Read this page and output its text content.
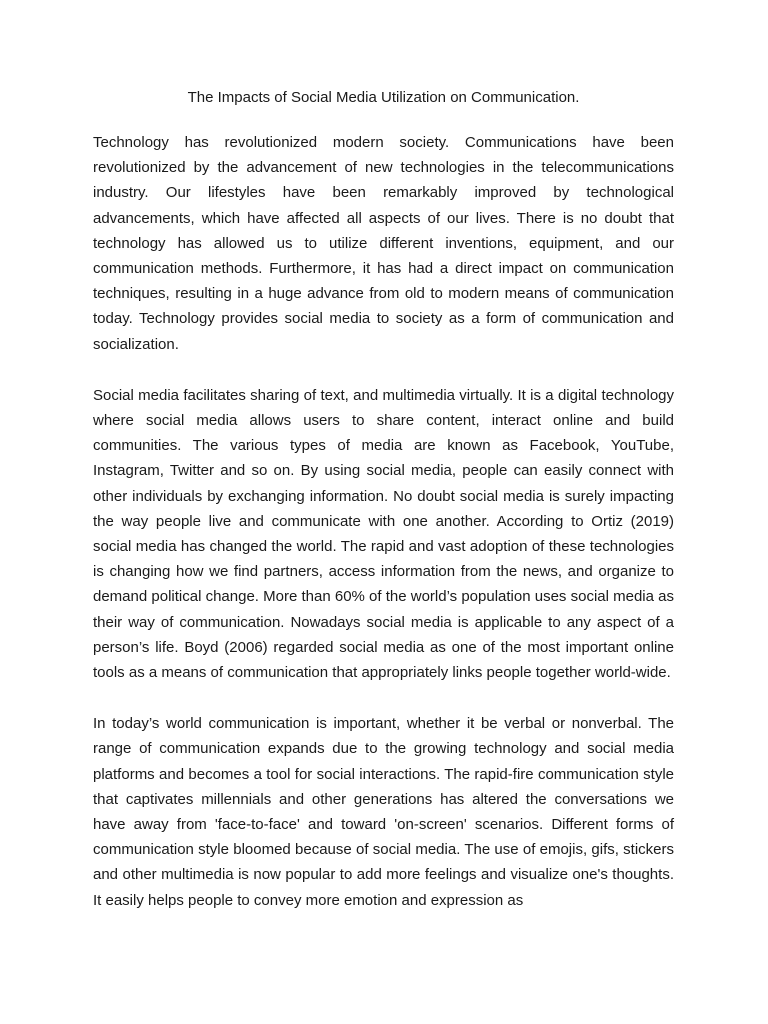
The Impacts of Social Media Utilization on Communication.

Technology has revolutionized modern society. Communications have been revolutionized by the advancement of new technologies in the telecommunications industry. Our lifestyles have been remarkably improved by technological advancements, which have affected all aspects of our lives. There is no doubt that technology has allowed us to utilize different inventions, equipment, and our communication methods. Furthermore, it has had a direct impact on communication techniques, resulting in a huge advance from old to modern means of communication today. Technology provides social media to society as a form of communication and socialization.

Social media facilitates sharing of text, and multimedia virtually. It is a digital technology where social media allows users to share content, interact online and build communities. The various types of media are known as Facebook, YouTube, Instagram, Twitter and so on. By using social media, people can easily connect with other individuals by exchanging information. No doubt social media is surely impacting the way people live and communicate with one another. According to Ortiz (2019) social media has changed the world. The rapid and vast adoption of these technologies is changing how we find partners, access information from the news, and organize to demand political change. More than 60% of the world’s population uses social media as their way of communication. Nowadays social media is applicable to any aspect of a person’s life. Boyd (2006) regarded social media as one of the most important online tools as a means of communication that appropriately links people together world-wide.

In today’s world communication is important, whether it be verbal or nonverbal. The range of communication expands due to the growing technology and social media platforms and becomes a tool for social interactions. The rapid-fire communication style that captivates millennials and other generations has altered the conversations we have away from 'face-to-face' and toward 'on-screen' scenarios. Different forms of communication style bloomed because of social media. The use of emojis, gifs, stickers and other multimedia is now popular to add more feelings and visualize one's thoughts. It easily helps people to convey more emotion and expression as
